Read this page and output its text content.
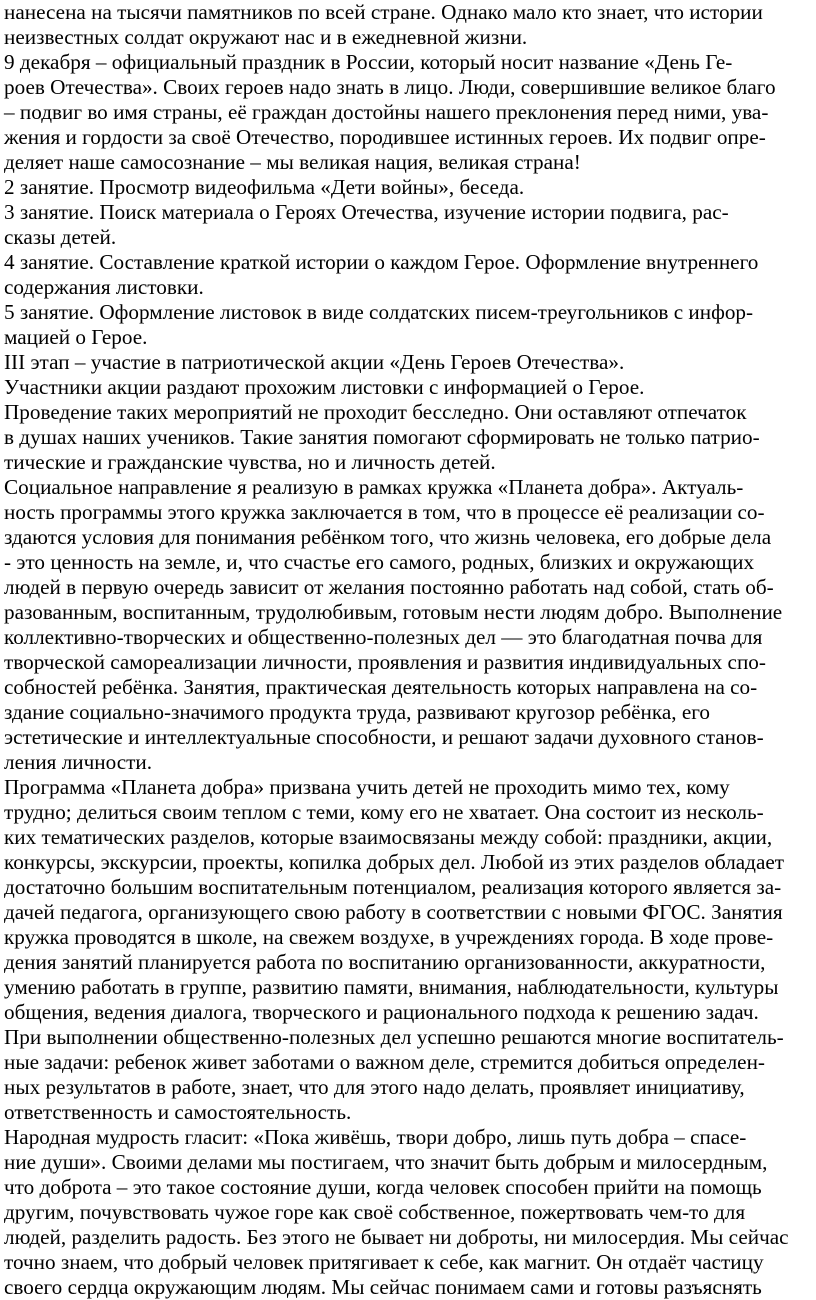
нанесена на тысячи памятников по всей стране. Однако мало кто знает, что истории
неизвестных солдат окружают нас и в ежедневной жизни.
9 декабря – официальный праздник в России, который носит название «День Ге-
роев Отечества». Своих героев надо знать в лицо. Люди, совершившие великое благо
– подвиг во имя страны, её граждан достойны нашего преклонения перед ними, ува-
жения и гордости за своё Отечество, породившее истинных героев. Их подвиг опре-
деляет наше самосознание – мы великая нация, великая страна!
2 занятие. Просмотр видеофильма «Дети войны», беседа.
3 занятие. Поиск материала о Героях Отечества, изучение истории подвига, рас-
сказы детей.
4 занятие. Составление краткой истории о каждом Герое. Оформление внутреннего
содержания листовки.
5 занятие. Оформление листовок в виде солдатских писем-треугольников с инфор-
мацией о Герое.
III этап – участие в патриотической акции «День Героев Отечества».
Участники акции раздают прохожим листовки с информацией о Герое.
Проведение таких мероприятий не проходит бесследно. Они оставляют отпечаток
в душах наших учеников. Такие занятия помогают сформировать не только патрио-
тические и гражданские чувства, но и личность детей.
Социальное направление я реализую в рамках кружка «Планета добра». Актуаль-
ность программы этого кружка заключается в том, что в процессе её реализации со-
здаются условия для понимания ребёнком того, что жизнь человека, его добрые дела
- это ценность на земле, и, что счастье его самого, родных, близких и окружающих
людей в первую очередь зависит от желания постоянно работать над собой, стать об-
разованным, воспитанным, трудолюбивым, готовым нести людям добро. Выполнение
коллективно-творческих и общественно-полезных дел — это благодатная почва для
творческой самореализации личности, проявления и развития индивидуальных спо-
собностей ребёнка. Занятия, практическая деятельность которых направлена на со-
здание социально-значимого продукта труда, развивают кругозор ребёнка, его
эстетические и интеллектуальные способности, и решают задачи духовного станов-
ления личности.
Программа «Планета добра» призвана учить детей не проходить мимо тех, кому
трудно; делиться своим теплом с теми, кому его не хватает. Она состоит из несколь-
ких тематических разделов, которые взаимосвязаны между собой: праздники, акции,
конкурсы, экскурсии, проекты, копилка добрых дел. Любой из этих разделов обладает
достаточно большим воспитательным потенциалом, реализация которого является за-
дачей педагога, организующего свою работу в соответствии с новыми ФГОС. Занятия
кружка проводятся в школе, на свежем воздухе, в учреждениях города. В ходе прове-
дения занятий планируется работа по воспитанию организованности, аккуратности,
умению работать в группе, развитию памяти, внимания, наблюдательности, культуры
общения, ведения диалога, творческого и рационального подхода к решению задач.
При выполнении общественно-полезных дел успешно решаются многие воспитатель-
ные задачи: ребенок живет заботами о важном деле, стремится добиться определен-
ных результатов в работе, знает, что для этого надо делать, проявляет инициативу,
ответственность и самостоятельность.
Народная мудрость гласит: «Пока живёшь, твори добро, лишь путь добра – спасе-
ние души». Своими делами мы постигаем, что значит быть добрым и милосердным,
что доброта – это такое состояние души, когда человек способен прийти на помощь
другим, почувствовать чужое горе как своё собственное, пожертвовать чем-то для
людей, разделить радость. Без этого не бывает ни доброты, ни милосердия. Мы сейчас
точно знаем, что добрый человек притягивает к себе, как магнит. Он отдаёт частицу
своего сердца окружающим людям. Мы сейчас понимаем сами и готовы разъяснять
